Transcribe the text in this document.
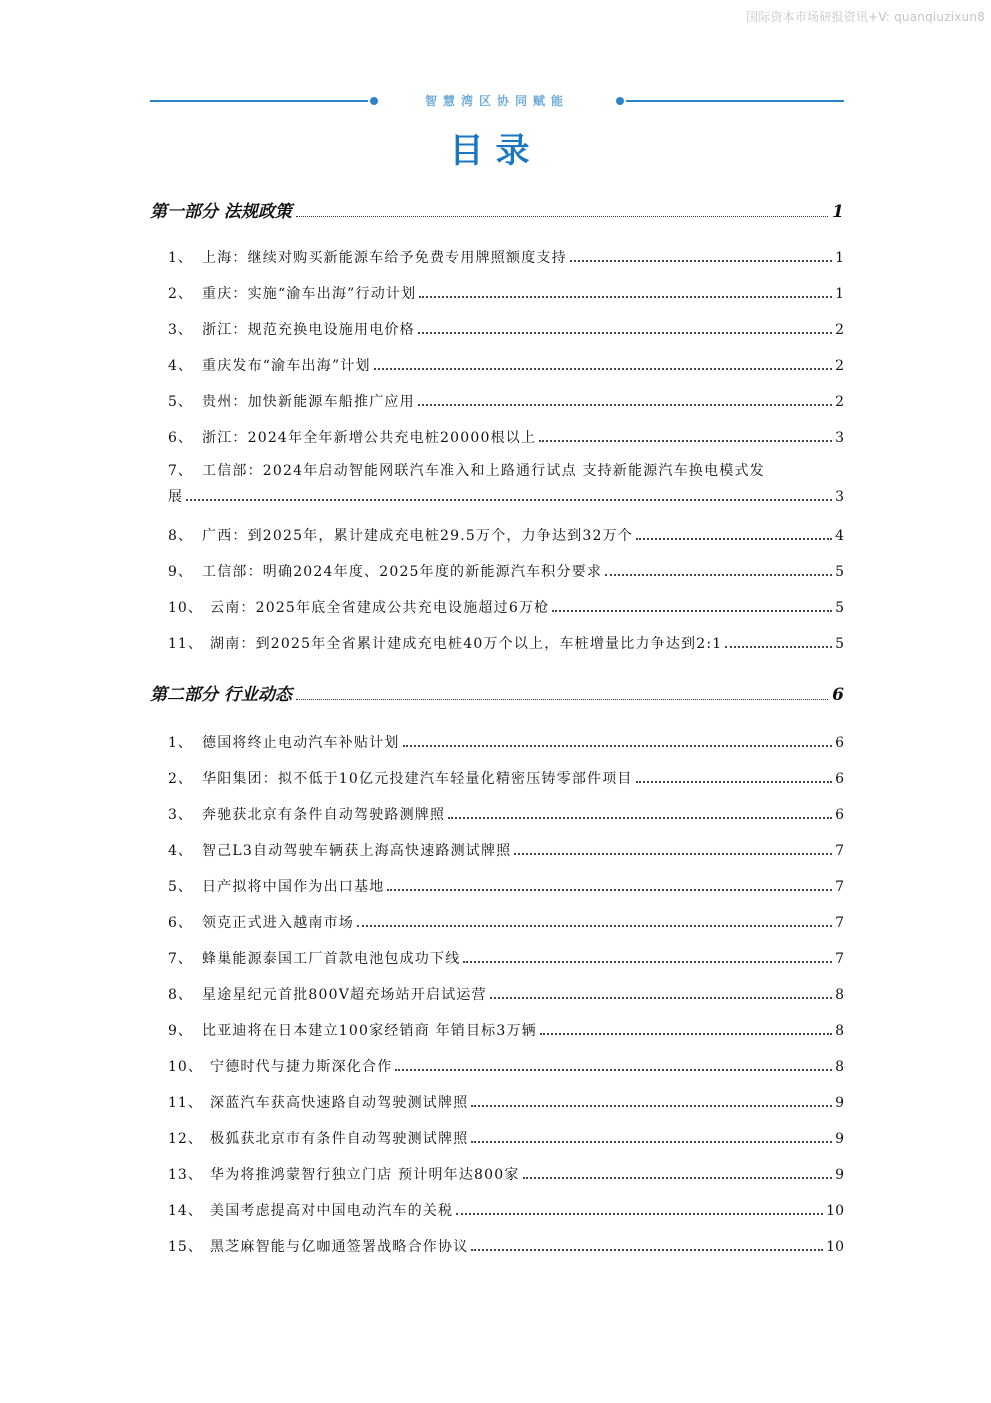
国际资本市场研报资讯+V: quanqiuzixun8
智慧湾区协同赋能
目录
第一部分 法规政策	1
1、 上海：继续对购买新能源车给予免费专用牌照额度支持	1
2、 重庆：实施“渝车出海”行动计划	1
3、 浙江：规范充换电设施用电价格	2
4、 重庆发布“渝车出海”计划	2
5、 贵州：加快新能源车船推广应用	2
6、 浙江：2024年全年新增公共充电桩20000根以上	3
7、 工信部：2024年启动智能网联汽车准入和上路通行试点 支持新能源汽车换电模式发
展	3
8、 广西：到2025年，累计建成充电桩29.5万个，力争达到32万个	4
9、 工信部：明确2024年度、2025年度的新能源汽车积分要求	5
10、 云南：2025年底全省建成公共充电设施超过6万枪	5
11、 湖南：到2025年全省累计建成充电桩40万个以上，车桩增量比力争达到2:1	5
第二部分 行业动态	6
1、 德国将终止电动汽车补贴计划	6
2、 华阳集团：拟不低于10亿元投建汽车轻量化精密压铸零部件项目	6
3、 奔驰获北京有条件自动驾驶路测牌照	6
4、 智己L3自动驾驶车辆获上海高快速路测试牌照	7
5、 日产拟将中国作为出口基地	7
6、 领克正式进入越南市场	7
7、 蜂巢能源泰国工厂首款电池包成功下线	7
8、 星途星纪元首批800V超充场站开启试运营	8
9、 比亚迪将在日本建立100家经销商 年销目标3万辆	8
10、 宁德时代与捷力斯深化合作	8
11、 深蓝汽车获高快速路自动驾驶测试牌照	9
12、 极狐获北京市有条件自动驾驶测试牌照	9
13、 华为将推鸿蒙智行独立门店 预计明年达800家	9
14、 美国考虑提高对中国电动汽车的关税	10
15、 黑芝麻智能与亿咖通签署战略合作协议	10
